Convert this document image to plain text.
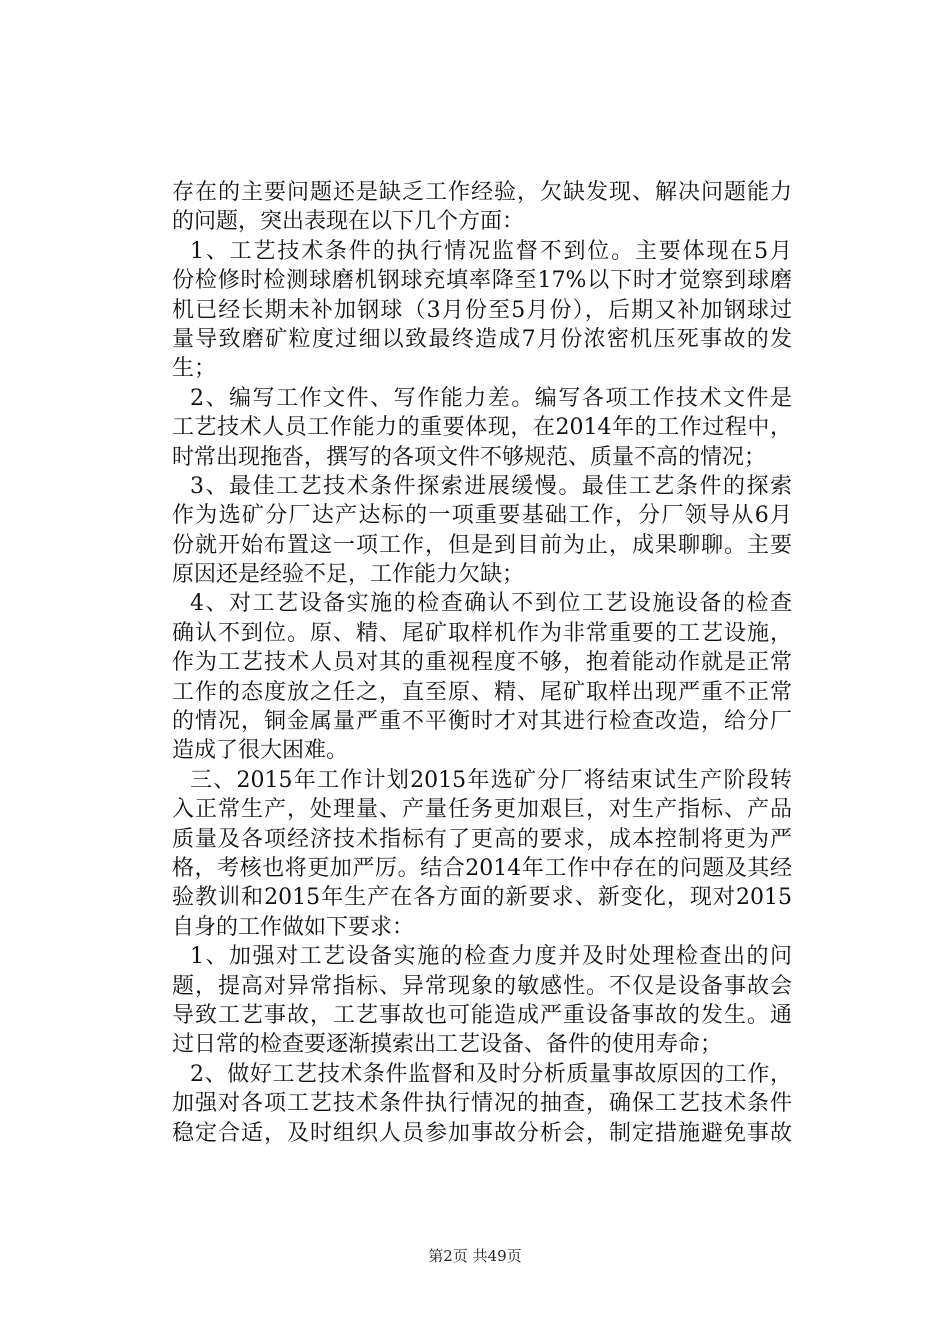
存在的主要问题还是缺乏工作经验，欠缺发现、解决问题能力
的问题，突出表现在以下几个方面：
1、工艺技术条件的执行情况监督不到位。主要体现在5月
份检修时检测球磨机钢球充填率降至17%以下时才觉察到球磨
机已经长期未补加钢球（3月份至5月份），后期又补加钢球过
量导致磨矿粒度过细以致最终造成7月份浓密机压死事故的发
生；
2、编写工作文件、写作能力差。编写各项工作技术文件是
工艺技术人员工作能力的重要体现，在2014年的工作过程中，
时常出现拖沓，撰写的各项文件不够规范、质量不高的情况；
3、最佳工艺技术条件探索进展缓慢。最佳工艺条件的探索
作为选矿分厂达产达标的一项重要基础工作，分厂领导从6月
份就开始布置这一项工作，但是到目前为止，成果聊聊。主要
原因还是经验不足，工作能力欠缺；
4、对工艺设备实施的检查确认不到位工艺设施设备的检查
确认不到位。原、精、尾矿取样机作为非常重要的工艺设施，
作为工艺技术人员对其的重视程度不够，抱着能动作就是正常
工作的态度放之任之，直至原、精、尾矿取样出现严重不正常
的情况，铜金属量严重不平衡时才对其进行检查改造，给分厂
造成了很大困难。
三、2015年工作计划2015年选矿分厂将结束试生产阶段转
入正常生产，处理量、产量任务更加艰巨，对生产指标、产品
质量及各项经济技术指标有了更高的要求，成本控制将更为严
格，考核也将更加严厉。结合2014年工作中存在的问题及其经
验教训和2015年生产在各方面的新要求、新变化，现对2015
自身的工作做如下要求：
1、加强对工艺设备实施的检查力度并及时处理检查出的问
题，提高对异常指标、异常现象的敏感性。不仅是设备事故会
导致工艺事故，工艺事故也可能造成严重设备事故的发生。通
过日常的检查要逐渐摸索出工艺设备、备件的使用寿命；
2、做好工艺技术条件监督和及时分析质量事故原因的工作，
加强对各项工艺技术条件执行情况的抽查，确保工艺技术条件
稳定合适，及时组织人员参加事故分析会，制定措施避免事故
第2页 共49页
